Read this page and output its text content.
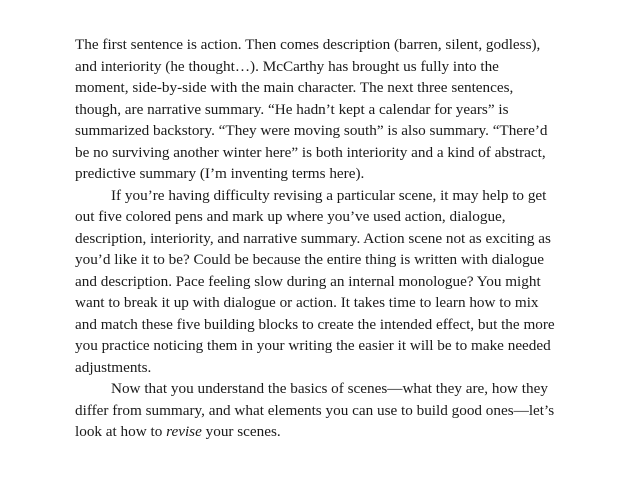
The first sentence is action. Then comes description (barren, silent, godless), and interiority (he thought…). McCarthy has brought us fully into the moment, side-by-side with the main character. The next three sentences, though, are narrative summary. “He hadn’t kept a calendar for years” is summarized backstory. “They were moving south” is also summary. “There’d be no surviving another winter here” is both interiority and a kind of abstract, predictive summary (I’m inventing terms here).

If you’re having difficulty revising a particular scene, it may help to get out five colored pens and mark up where you’ve used action, dialogue, description, interiority, and narrative summary. Action scene not as exciting as you’d like it to be? Could be because the entire thing is written with dialogue and description. Pace feeling slow during an internal monologue? You might want to break it up with dialogue or action. It takes time to learn how to mix and match these five building blocks to create the intended effect, but the more you practice noticing them in your writing the easier it will be to make needed adjustments.

Now that you understand the basics of scenes—what they are, how they differ from summary, and what elements you can use to build good ones—let’s look at how to revise your scenes.
